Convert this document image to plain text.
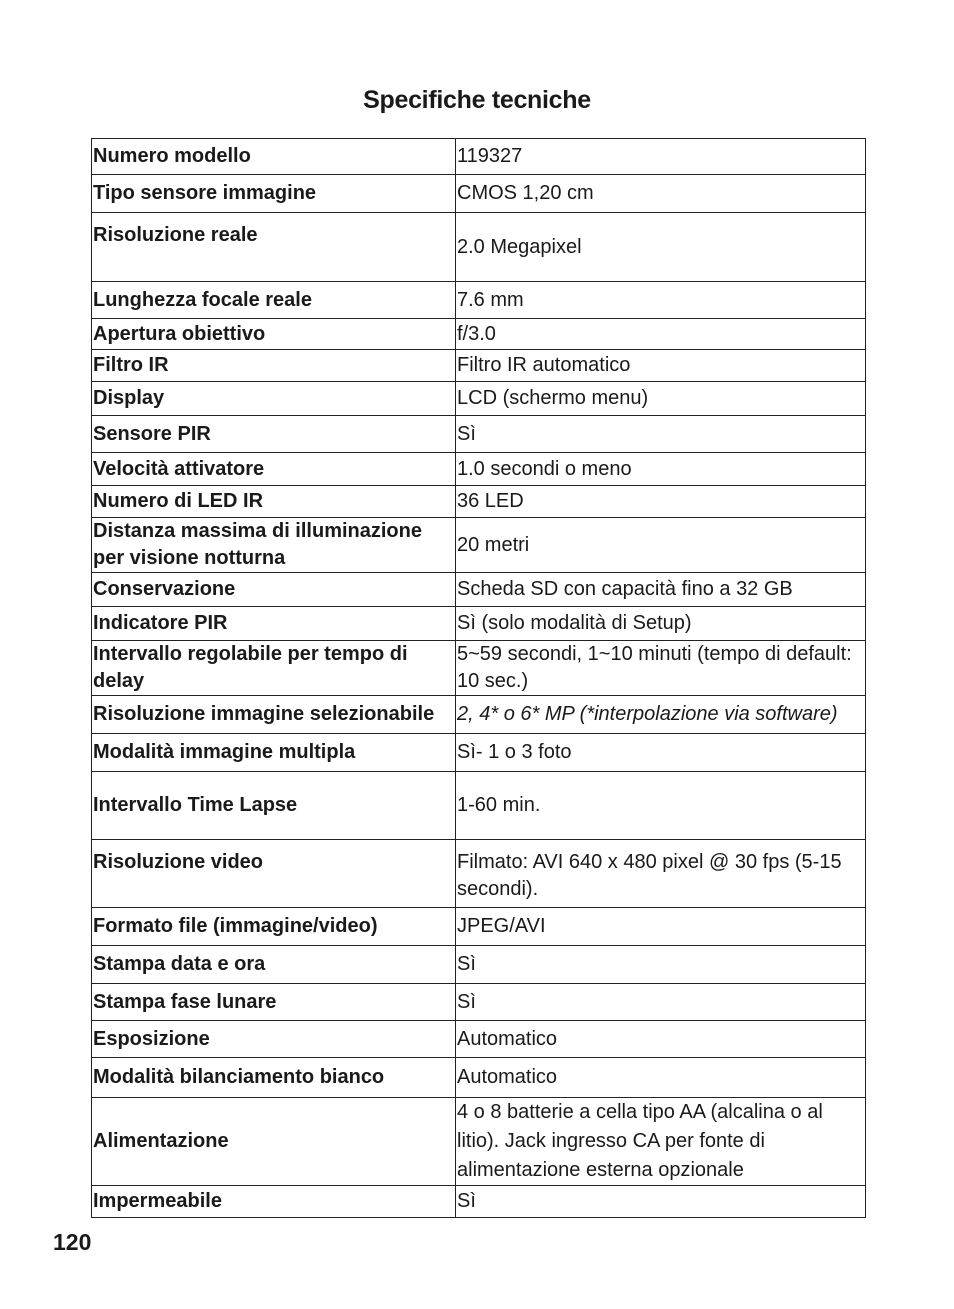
Specifiche tecniche
Numero modello	119327
Tipo sensore immagine	CMOS 1,20 cm
Risoluzione reale	2.0 Megapixel
Lunghezza focale reale	7.6 mm
Apertura obiettivo	f/3.0
Filtro IR	Filtro IR automatico
Display	LCD (schermo menu)
Sensore PIR	Sì
Velocità attivatore	1.0 secondi o meno
Numero di LED IR	36 LED
Distanza massima di illuminazione per visione notturna	20 metri
Conservazione	Scheda SD con capacità fino a 32 GB
Indicatore PIR	Sì (solo modalità di Setup)
Intervallo regolabile per tempo di delay	5~59 secondi, 1~10 minuti (tempo di default: 10 sec.)
Risoluzione immagine selezionabile	2, 4* o 6* MP (*interpolazione via software)
Modalità immagine multipla	Sì- 1 o 3 foto
Intervallo Time Lapse	1-60 min.
Risoluzione video	Filmato: AVI 640 x 480 pixel @ 30 fps (5-15 secondi).
Formato file (immagine/video)	JPEG/AVI
Stampa data e ora	Sì
Stampa fase lunare	Sì
Esposizione	Automatico
Modalità bilanciamento bianco	Automatico
Alimentazione	4 o 8 batterie a cella tipo AA (alcalina o al litio). Jack ingresso CA per fonte di alimentazione esterna opzionale
Impermeabile	Sì
120
